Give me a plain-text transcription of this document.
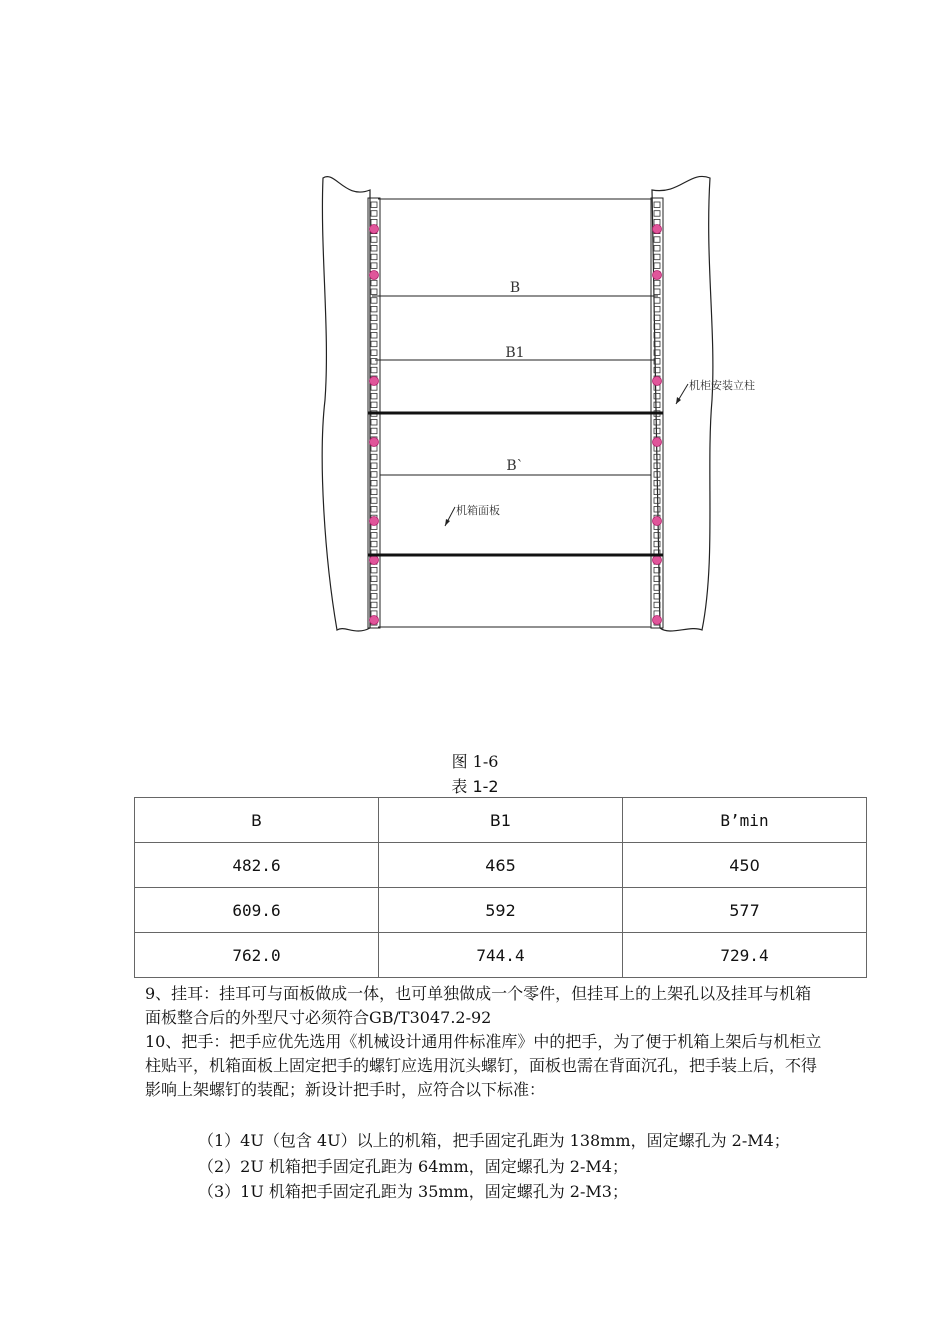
B
B1
B`
机柜安装立柱
机箱面板
图 1-6
表 1-2
B	B1	B’min
482.6	465	450
609.6	592	577
762.0	744.4	729.4
9、挂耳：挂耳可与面板做成一体，也可单独做成一个零件，但挂耳上的上架孔以及挂耳与机箱面板整合后的外型尺寸必须符合GB/T3047.2-92
10、把手：把手应优先选用《机械设计通用件标准库》中的把手，为了便于机箱上架后与机柜立柱贴平，机箱面板上固定把手的螺钉应选用沉头螺钉，面板也需在背面沉孔，把手装上后，不得影响上架螺钉的装配；新设计把手时，应符合以下标准：
（1）4U（包含 4U）以上的机箱，把手固定孔距为 138mm，固定螺孔为 2-M4；
（2）2U 机箱把手固定孔距为 64mm，固定螺孔为 2-M4；
（3）1U 机箱把手固定孔距为 35mm，固定螺孔为 2-M3；
